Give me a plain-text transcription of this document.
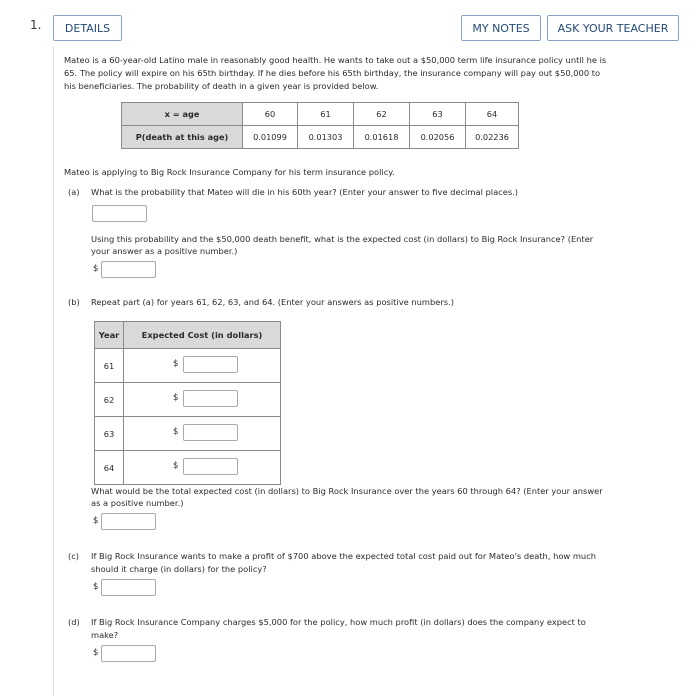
1.	DETAILS	MY NOTES	ASK YOUR TEACHER
Mateo is a 60-year-old Latino male in reasonably good health. He wants to take out a $50,000 term life insurance policy until he is
65. The policy will expire on his 65th birthday. If he dies before his 65th birthday, the insurance company will pay out $50,000 to
his beneficiaries. The probability of death in a given year is provided below.
x = age	60	61	62	63	64
P(death at this age)	0.01099	0.01303	0.01618	0.02056	0.02236
Mateo is applying to Big Rock Insurance Company for his term insurance policy.
(a) What is the probability that Mateo will die in his 60th year? (Enter your answer to five decimal places.)
Using this probability and the $50,000 death benefit, what is the expected cost (in dollars) to Big Rock Insurance? (Enter
your answer as a positive number.)
$
(b) Repeat part (a) for years 61, 62, 63, and 64. (Enter your answers as positive numbers.)
Year	Expected Cost (in dollars)
61	$

62	$

63	$

64	$
What would be the total expected cost (in dollars) to Big Rock Insurance over the years 60 through 64? (Enter your answer
as a positive number.)
$
(c) If Big Rock Insurance wants to make a profit of $700 above the expected total cost paid out for Mateo's death, how much
should it charge (in dollars) for the policy?
$
(d) If Big Rock Insurance Company charges $5,000 for the policy, how much profit (in dollars) does the company expect to
make?
$
